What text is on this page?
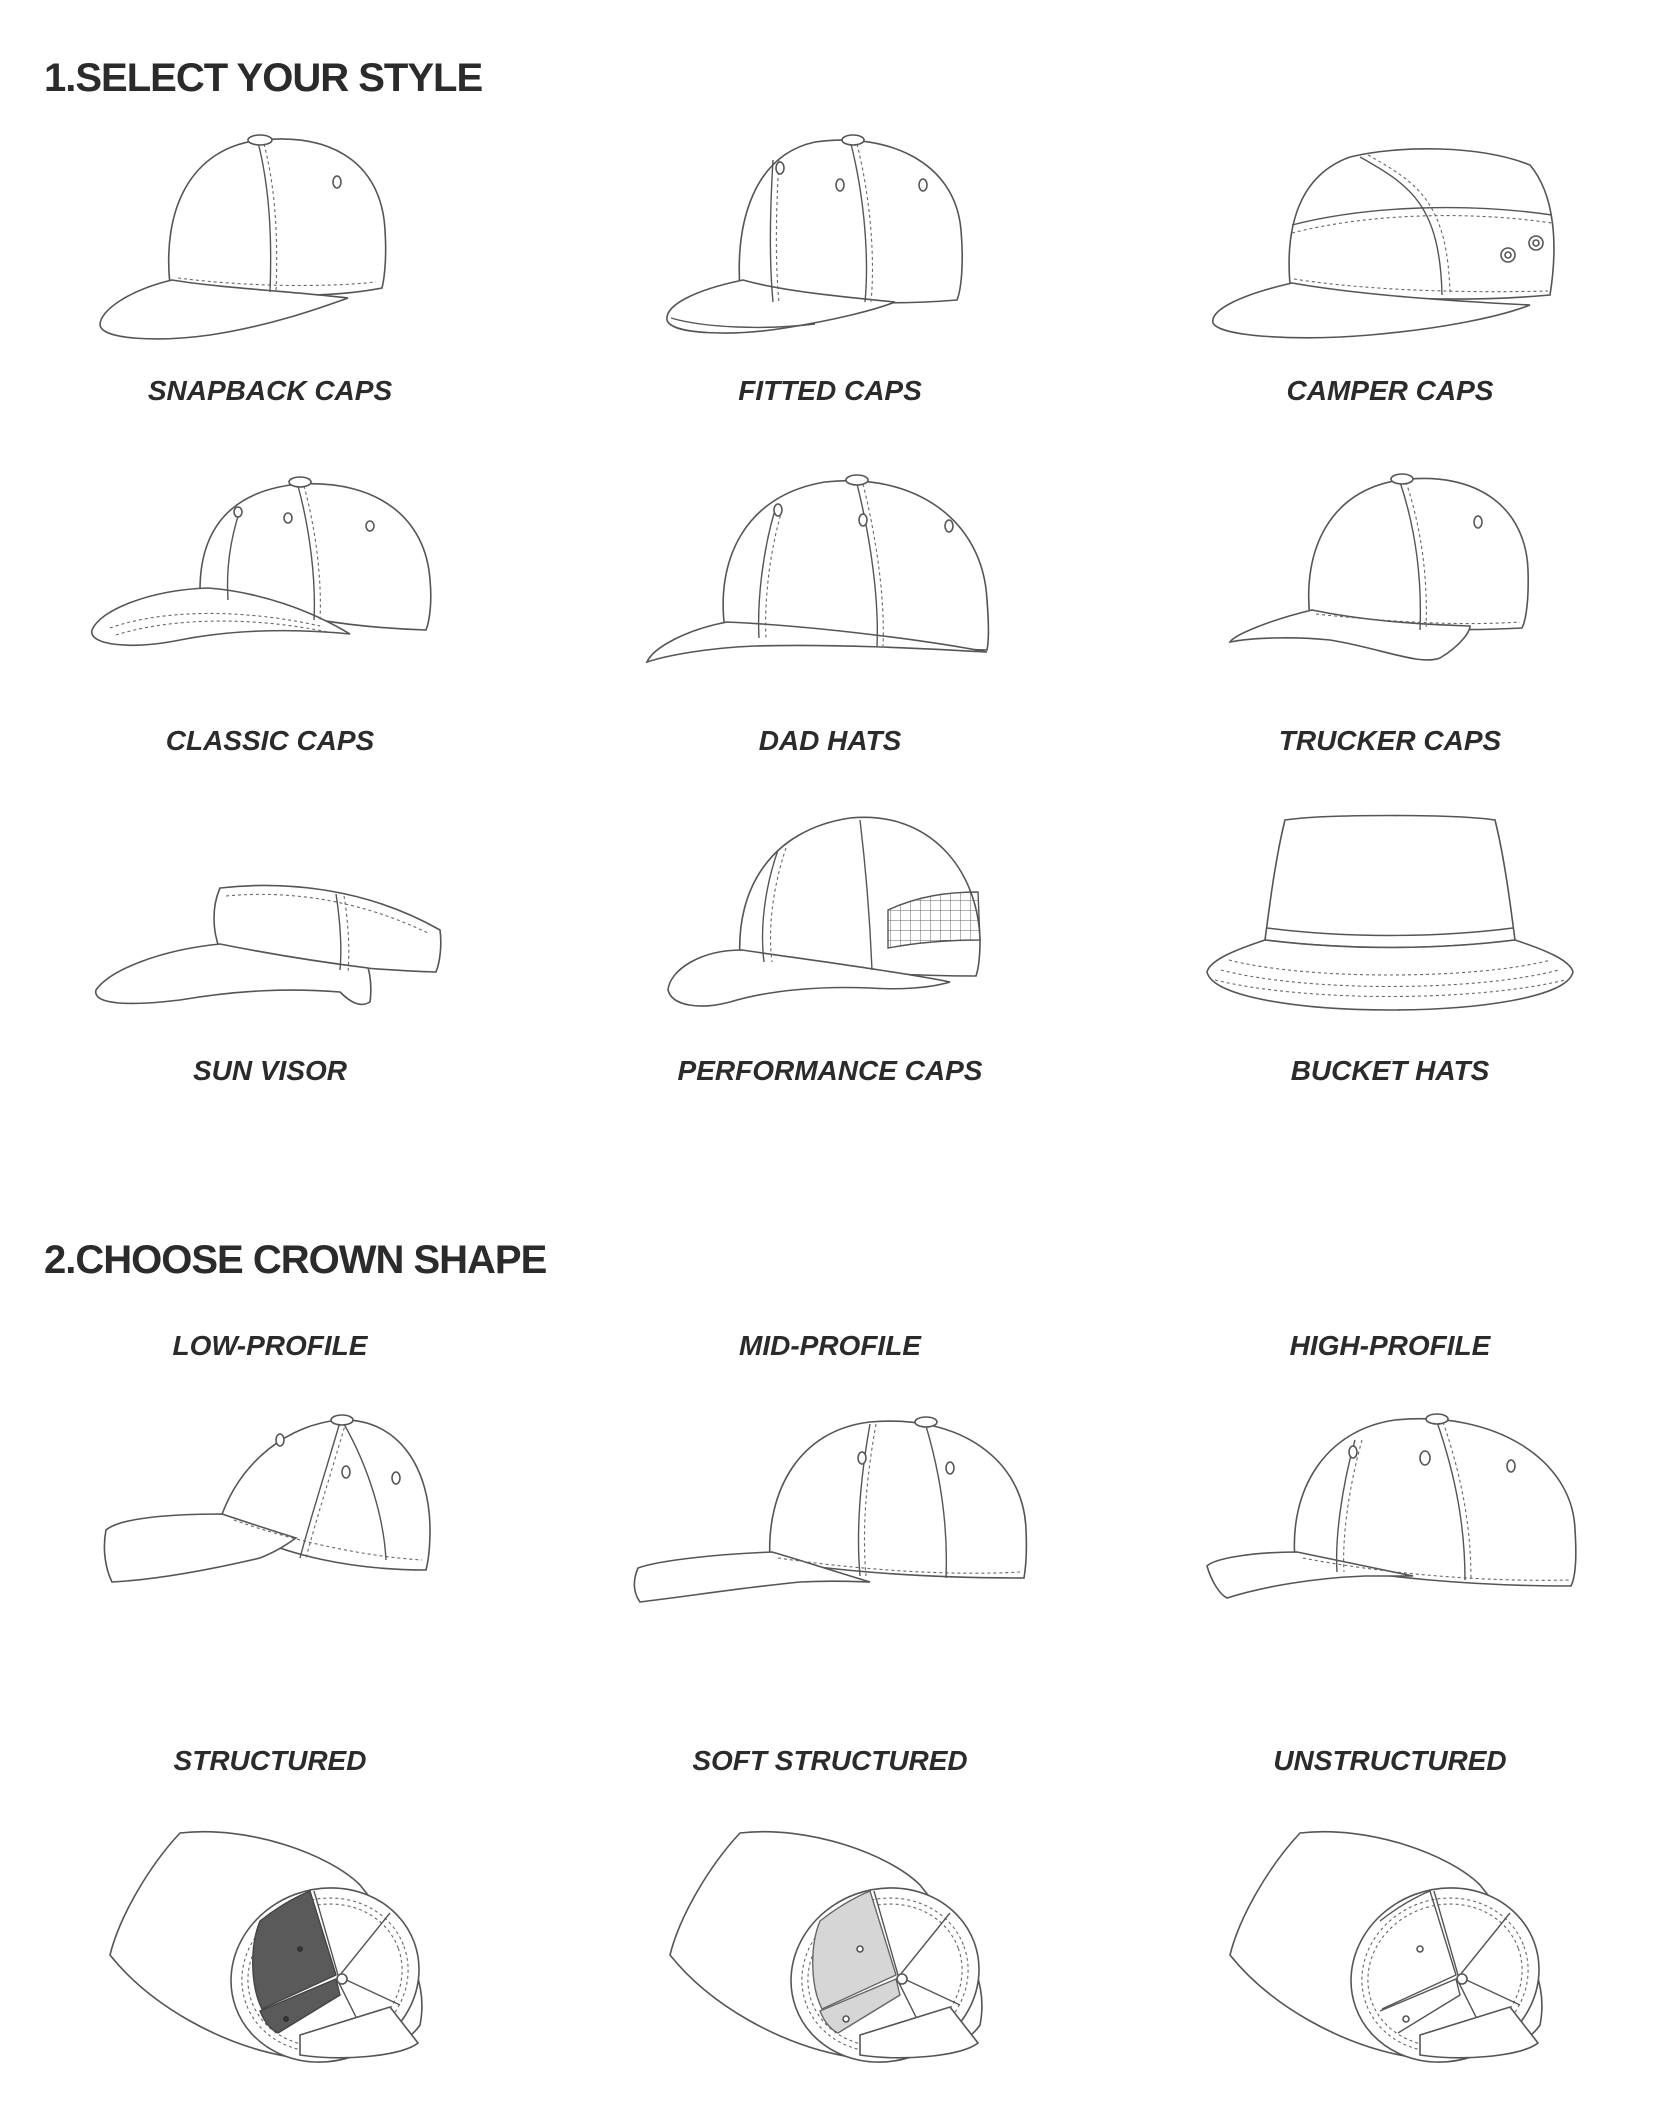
1.SELECT YOUR STYLE
SNAPBACK CAPS	FITTED CAPS	CAMPER CAPS
CLASSIC CAPS	DAD HATS	TRUCKER CAPS
SUN VISOR	PERFORMANCE CAPS	BUCKET HATS
2.CHOOSE CROWN SHAPE
LOW-PROFILE	MID-PROFILE	HIGH-PROFILE
STRUCTURED	SOFT STRUCTURED	UNSTRUCTURED
